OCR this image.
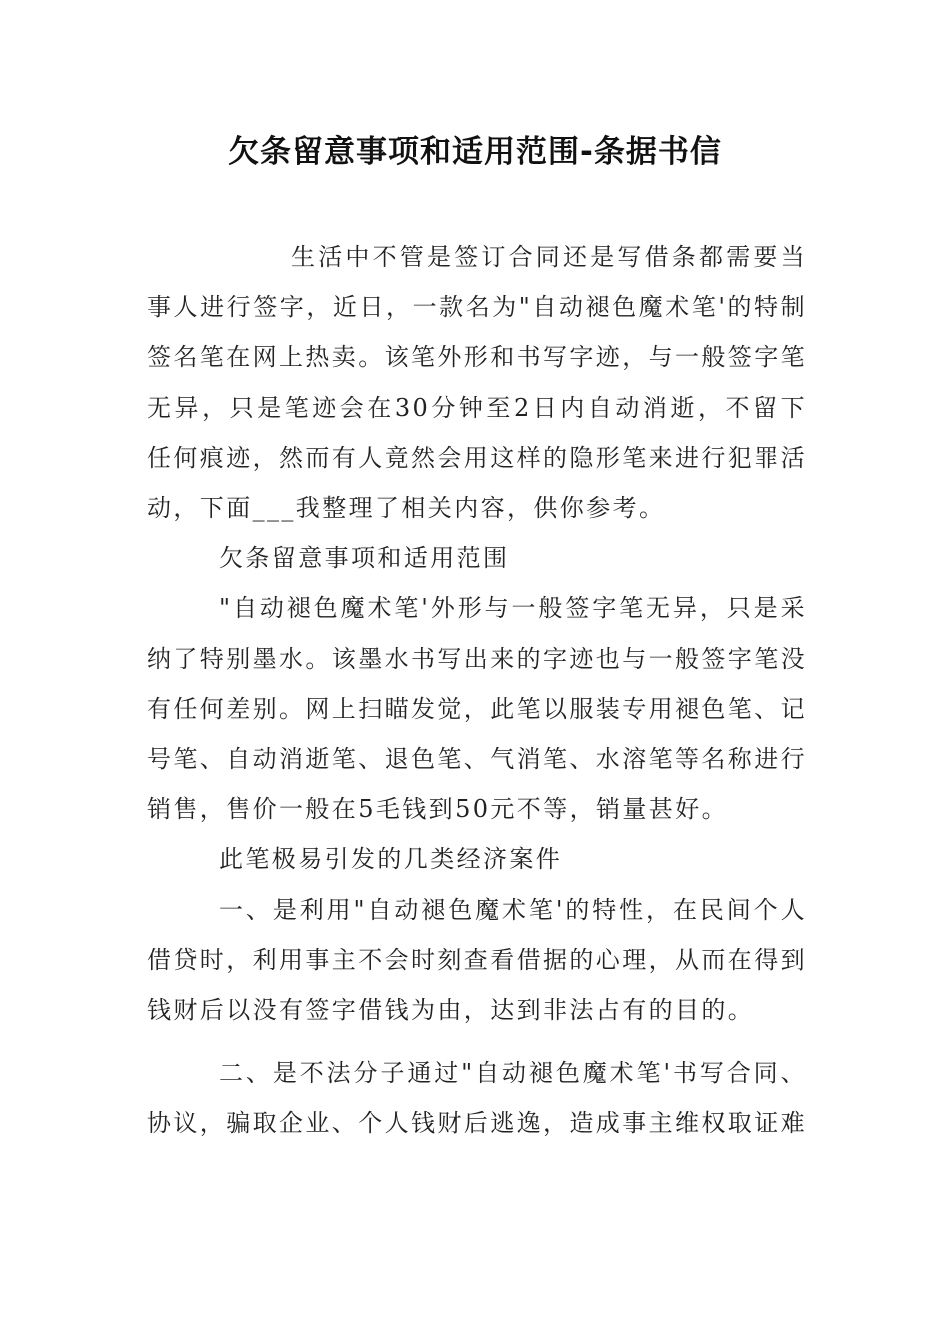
欠条留意事项和适用范围-条据书信

生活中不管是签订合同还是写借条都需要当事人进行签字，近日，一款名为"自动褪色魔术笔'的特制签名笔在网上热卖。该笔外形和书写字迹，与一般签字笔无异，只是笔迹会在30分钟至2日内自动消逝，不留下任何痕迹，然而有人竟然会用这样的隐形笔来进行犯罪活动，下面___我整理了相关内容，供你参考。

欠条留意事项和适用范围

"自动褪色魔术笔'外形与一般签字笔无异，只是采纳了特别墨水。该墨水书写出来的字迹也与一般签字笔没有任何差别。网上扫瞄发觉，此笔以服装专用褪色笔、记号笔、自动消逝笔、退色笔、气消笔、水溶笔等名称进行销售，售价一般在5毛钱到50元不等，销量甚好。

此笔极易引发的几类经济案件

一、是利用"自动褪色魔术笔'的特性，在民间个人借贷时，利用事主不会时刻查看借据的心理，从而在得到钱财后以没有签字借钱为由，达到非法占有的目的。

二、是不法分子通过"自动褪色魔术笔'书写合同、协议，骗取企业、个人钱财后逃逸，造成事主维权取证难
